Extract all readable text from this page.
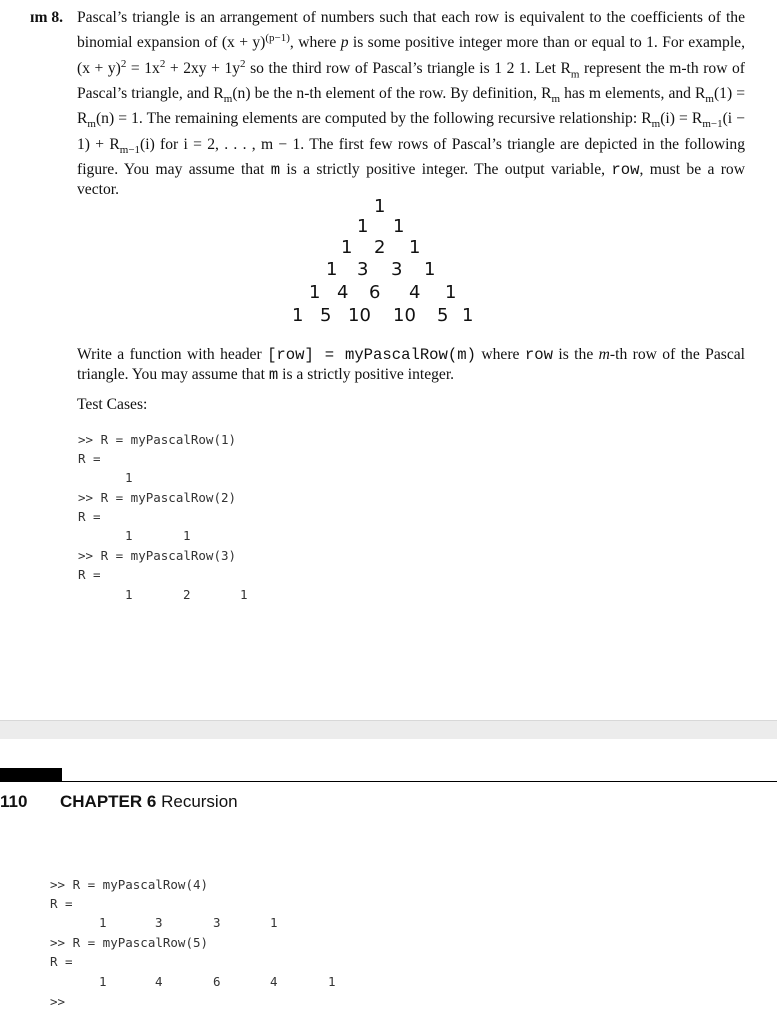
ɪm 8. Pascal’s triangle is an arrangement of numbers such that each row is equivalent to the coefficients of the binomial expansion of $(x + y)^{(p-1)}$, where p is some positive integer more than or equal to 1. For example, $(x + y)^2 = 1x^2 + 2xy + 1y^2$ so the third row of Pascal’s triangle is 1 2 1. Let $R_m$ represent the m-th row of Pascal’s triangle, and $R_m(n)$ be the n-th element of the row. By definition, $R_m$ has m elements, and $R_m(1) = R_m(n) = 1$. The remaining elements are computed by the following recursive relationship: $R_m(i) = R_{m-1}(i - 1) + R_{m-1}(i)$ for i = 2, . . . , m − 1. The first few rows of Pascal’s triangle are depicted in the following figure. You may assume that m is a strictly positive integer. The output variable, row, must be a row vector.
1
1 1
1 2 1
1 3 3 1
1 4 6 4 1
1 5 10 10 5 1
Write a function with header [row] = myPascalRow(m) where row is the m-th row of the Pascal triangle. You may assume that m is a strictly positive integer.
Test Cases:
>> R = myPascalRow(1)
R =
1
>> R = myPascalRow(2)
R =
1	1
>> R = myPascalRow(3)
R =
1	2	1
110 CHAPTER 6 Recursion
>> R = myPascalRow(4)
R =
1	3	3	1
>> R = myPascalRow(5)
R =
1	4	6	4	1
>>
